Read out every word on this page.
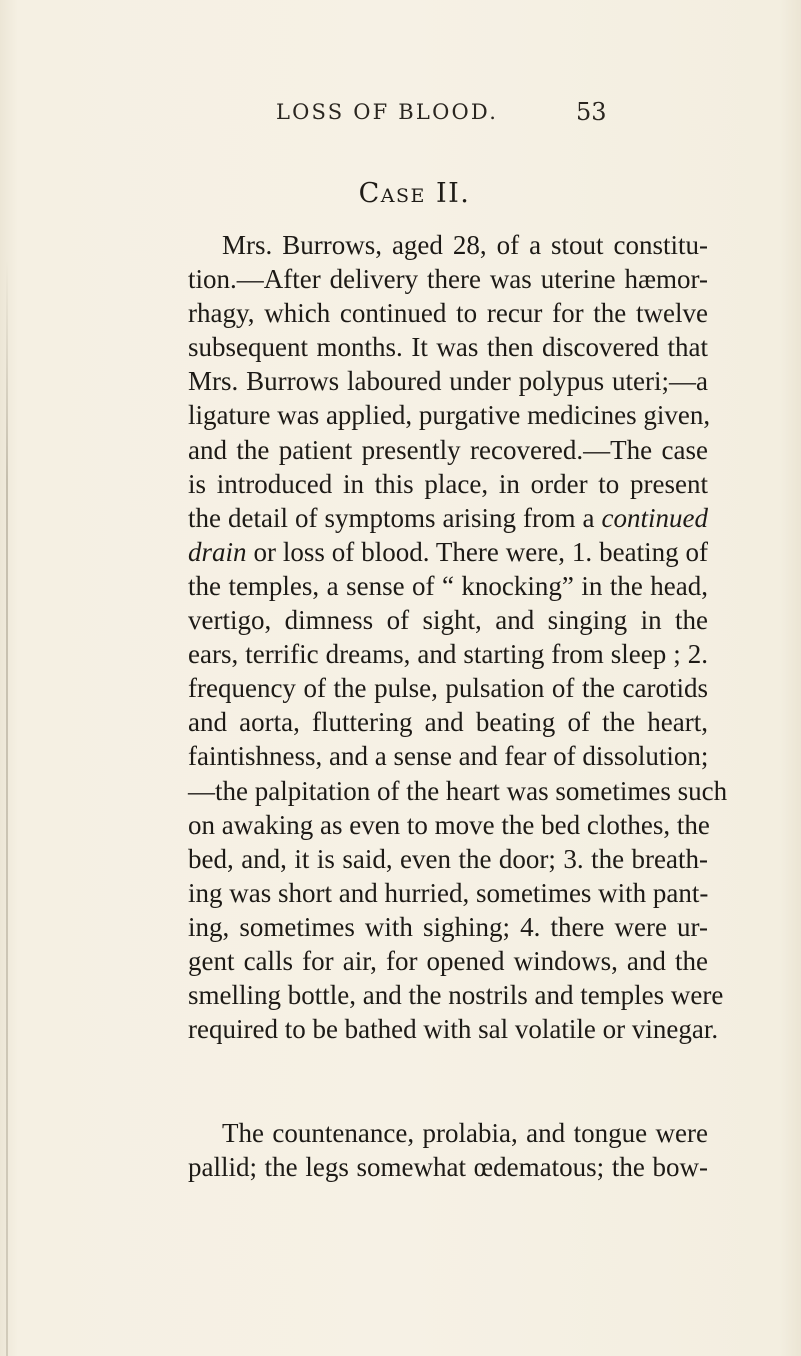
LOSS OF BLOOD.	53
Case II.
Mrs. Burrows, aged 28, of a stout constitu-
tion.—After delivery there was uterine hæmor-
rhagy, which continued to recur for the twelve
subsequent months. It was then discovered that
Mrs. Burrows laboured under polypus uteri;—a
ligature was applied, purgative medicines given,
and the patient presently recovered.—The case
is introduced in this place, in order to present
the detail of symptoms arising from a continued
drain or loss of blood. There were, 1. beating of
the temples, a sense of “ knocking” in the head,
vertigo, dimness of sight, and singing in the
ears, terrific dreams, and starting from sleep ; 2.
frequency of the pulse, pulsation of the carotids
and aorta, fluttering and beating of the heart,
faintishness, and a sense and fear of dissolution;
—the palpitation of the heart was sometimes such
on awaking as even to move the bed clothes, the
bed, and, it is said, even the door; 3. the breath-
ing was short and hurried, sometimes with pant-
ing, sometimes with sighing; 4. there were ur-
gent calls for air, for opened windows, and the
smelling bottle, and the nostrils and temples were
required to be bathed with sal volatile or vinegar.
The countenance, prolabia, and tongue were
pallid; the legs somewhat œdematous; the bow-
